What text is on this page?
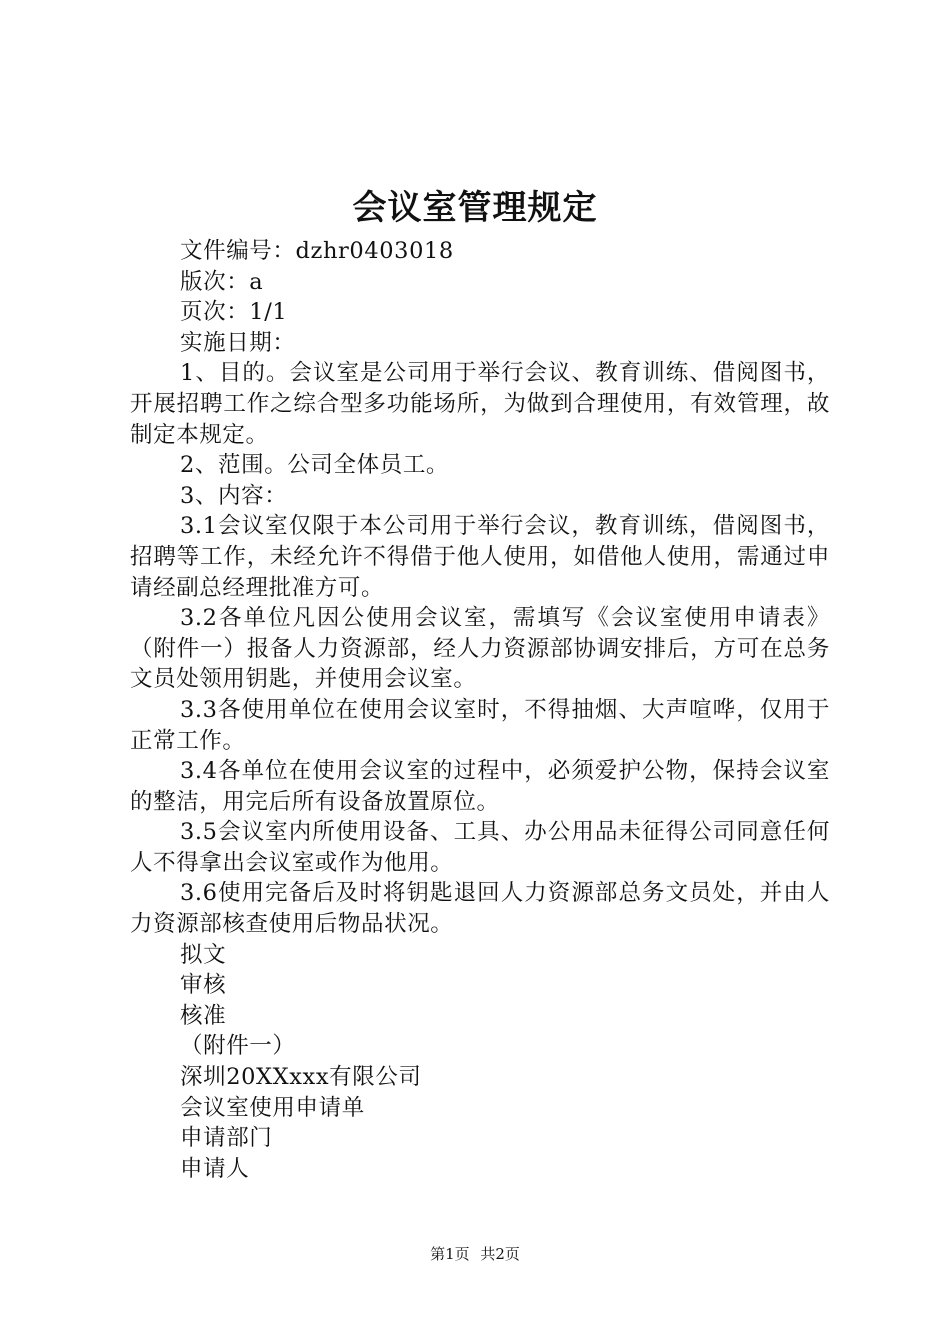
会议室管理规定

文件编号：dzhr0403018

版次：a

页次：1/1

实施日期：

1、目的。会议室是公司用于举行会议、教育训练、借阅图书，开展招聘工作之综合型多功能场所，为做到合理使用，有效管理，故制定本规定。

2、范围。公司全体员工。

3、内容：

3.1会议室仅限于本公司用于举行会议，教育训练，借阅图书，招聘等工作，未经允许不得借于他人使用，如借他人使用，需通过申请经副总经理批准方可。

3.2各单位凡因公使用会议室，需填写《会议室使用申请表》（附件一）报备人力资源部，经人力资源部协调安排后，方可在总务文员处领用钥匙，并使用会议室。

3.3各使用单位在使用会议室时，不得抽烟、大声喧哗，仅用于正常工作。

3.4各单位在使用会议室的过程中，必须爱护公物，保持会议室的整洁，用完后所有设备放置原位。

3.5会议室内所使用设备、工具、办公用品未征得公司同意任何人不得拿出会议室或作为他用。

3.6使用完备后及时将钥匙退回人力资源部总务文员处，并由人力资源部核查使用后物品状况。

拟文

审核

核准

（附件一）

深圳20XXxxx有限公司

会议室使用申请单

申请部门

申请人

第1页 共2页
